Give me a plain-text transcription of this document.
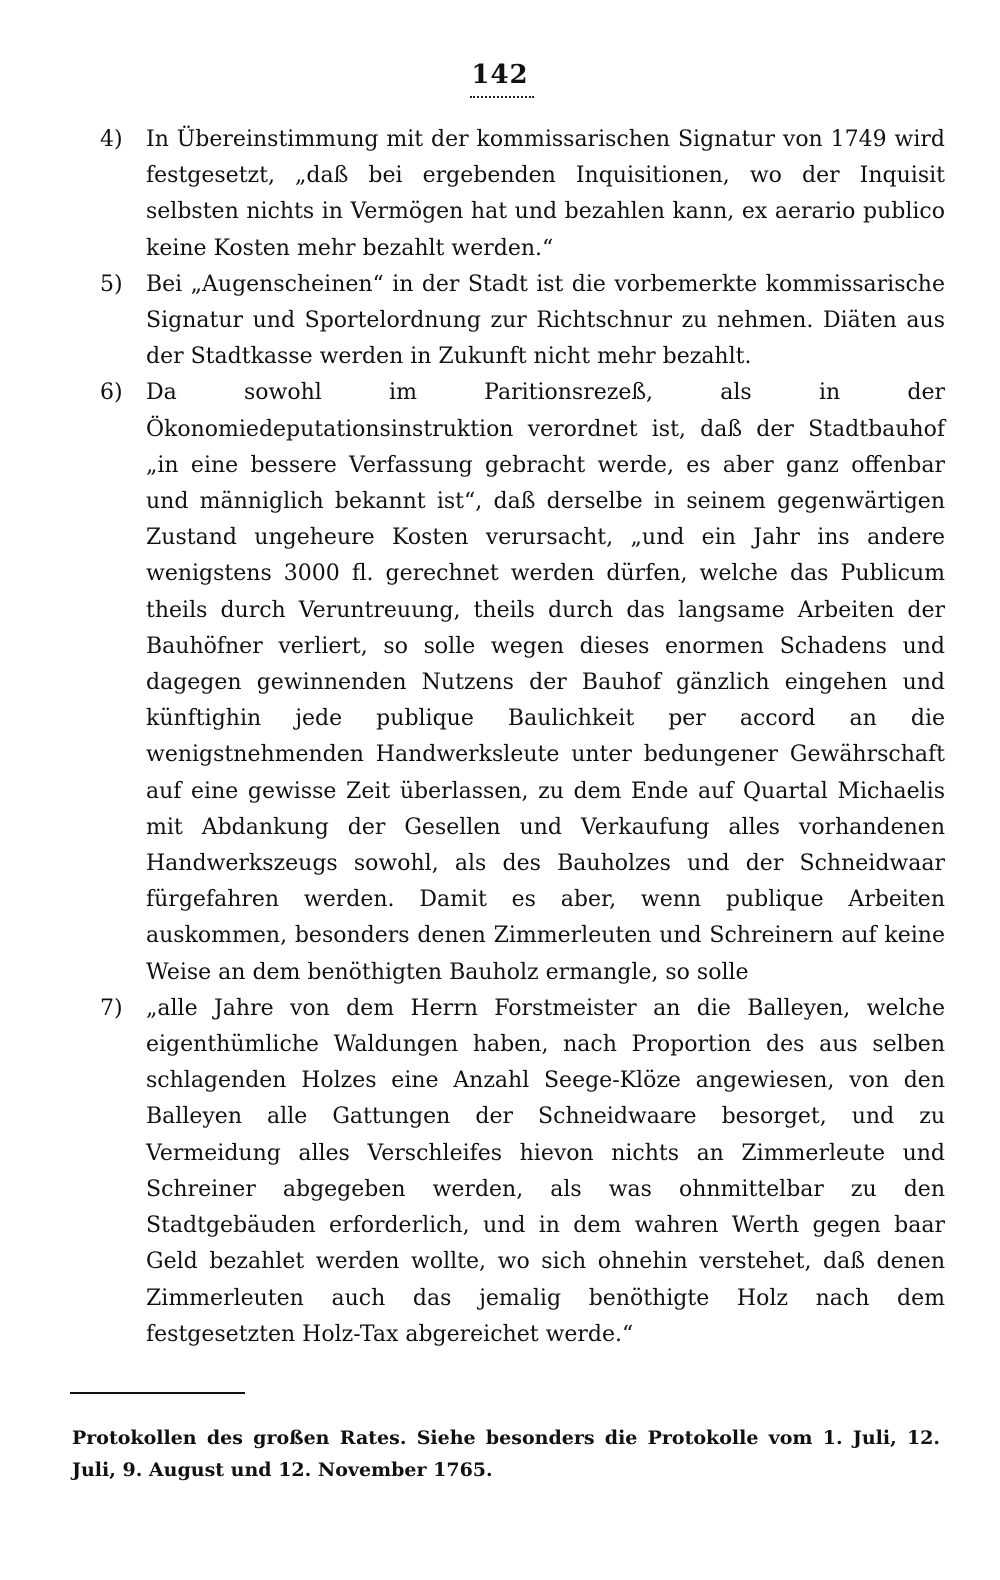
142
4) In Übereinstimmung mit der kommissarischen Signatur von 1749 wird festgesetzt, „daß bei ergebenden Inquisitionen, wo der Inquisit selbsten nichts in Vermögen hat und bezahlen kann, ex aerario publico keine Kosten mehr bezahlt werden.“
5) Bei „Augenscheinen“ in der Stadt ist die vorbemerkte kommissarische Signatur und Sportelordnung zur Richtschnur zu nehmen. Diäten aus der Stadtkasse werden in Zukunft nicht mehr bezahlt.
6) Da sowohl im Paritionsrezeß, als in der Ökonomiedeputationsinstruktion verordnet ist, daß der Stadtbauhof „in eine bessere Verfassung gebracht werde, es aber ganz offenbar und männiglich bekannt ist“, daß derselbe in seinem gegenwärtigen Zustand ungeheure Kosten verursacht, „und ein Jahr ins andere wenigstens 3000 fl. gerechnet werden dürfen, welche das Publicum theils durch Veruntreuung, theils durch das langsame Arbeiten der Bauhöfner verliert, so solle wegen dieses enormen Schadens und dagegen gewinnenden Nutzens der Bauhof gänzlich eingehen und künftighin jede publique Baulichkeit per accord an die wenigstnehmenden Handwerksleute unter bedungener Gewährschaft auf eine gewisse Zeit überlassen, zu dem Ende auf Quartal Michaelis mit Abdankung der Gesellen und Verkaufung alles vorhandenen Handwerkszeugs sowohl, als des Bauholzes und der Schneidwaar fürgefahren werden. Damit es aber, wenn publique Arbeiten auskommen, besonders denen Zimmerleuten und Schreinern auf keine Weise an dem benöthigten Bauholz ermangle, so solle
7) „alle Jahre von dem Herrn Forstmeister an die Balleyen, welche eigenthümliche Waldungen haben, nach Proportion des aus selben schlagenden Holzes eine Anzahl Seege-Klöze angewiesen, von den Balleyen alle Gattungen der Schneidwaare besorget, und zu Vermeidung alles Verschleifes hievon nichts an Zimmerleute und Schreiner abgegeben werden, als was ohnmittelbar zu den Stadtgebäuden erforderlich, und in dem wahren Werth gegen baar Geld bezahlet werden wollte, wo sich ohnehin verstehet, daß denen Zimmerleuten auch das jemalig benöthigte Holz nach dem festgesetzten Holz-Tax abgereichet werde.“
Protokollen des großen Rates. Siehe besonders die Protokolle vom 1. Juli, 12. Juli, 9. August und 12. November 1765.
